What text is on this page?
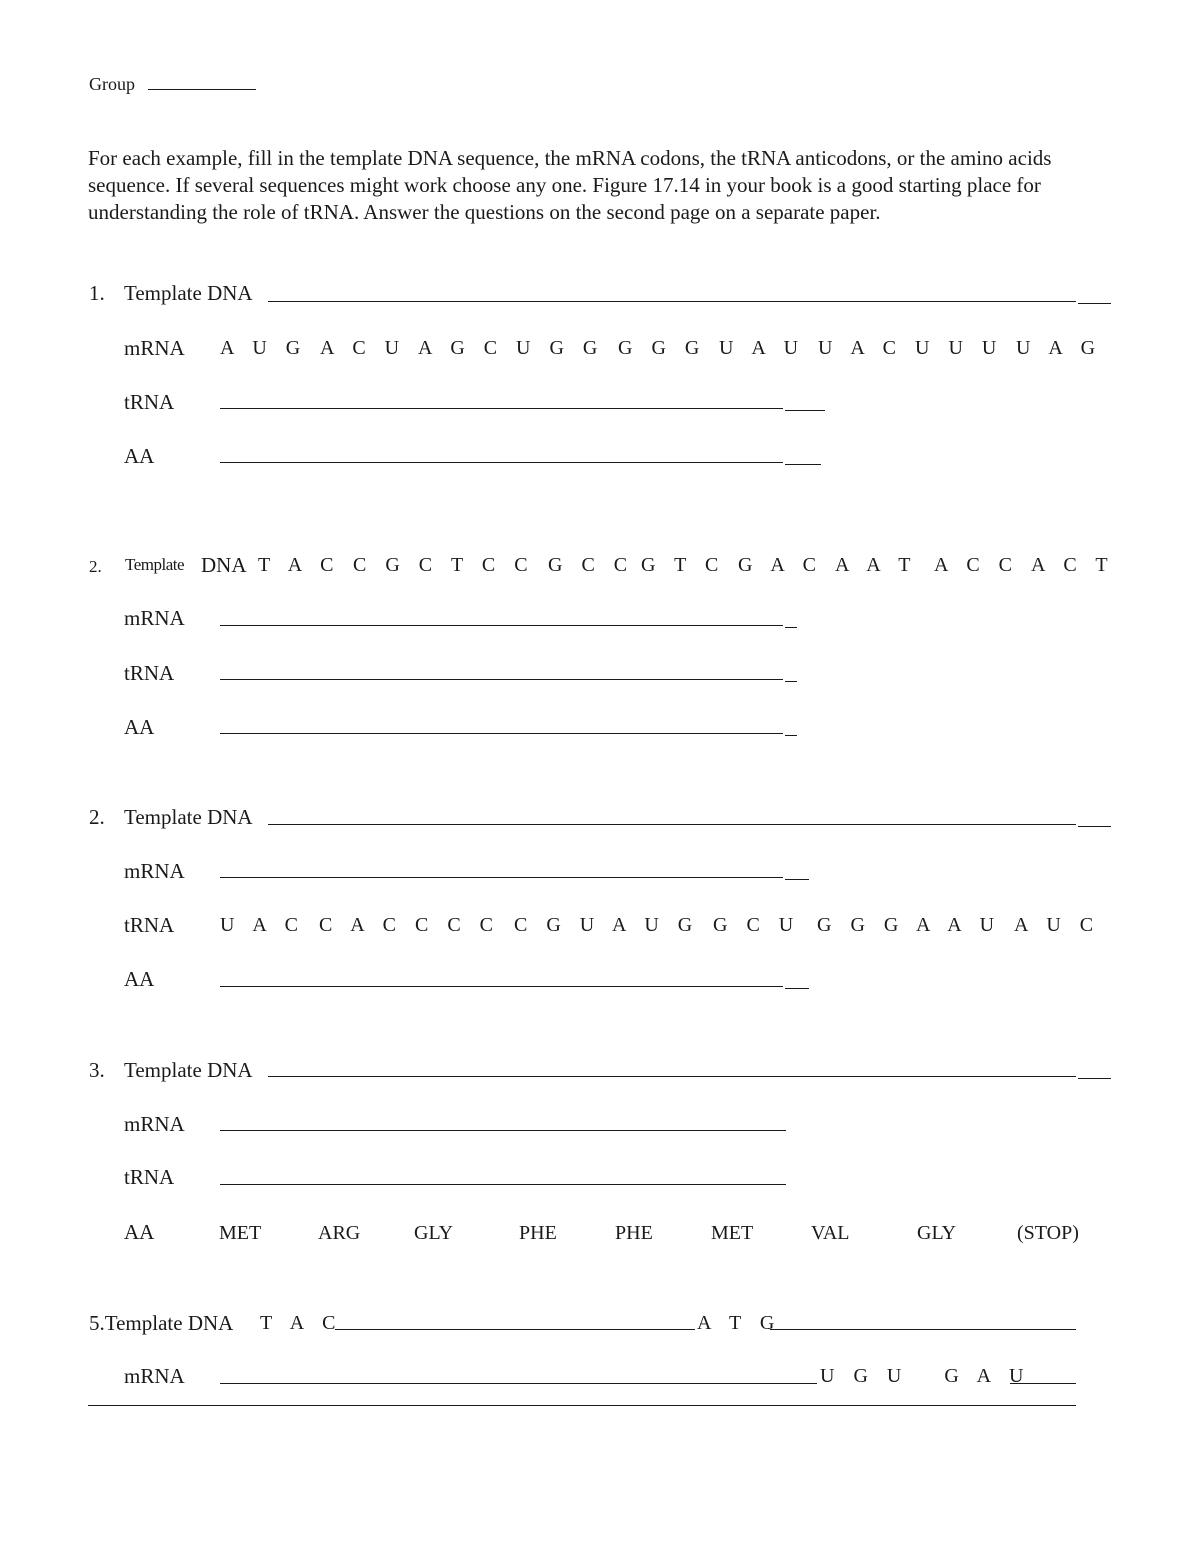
Group
For each example, fill in the template DNA sequence, the mRNA codons, the tRNA anticodons, or the amino acids sequence. If several sequences might work choose any one. Figure 17.14 in your book is a good starting place for understanding the role of tRNA. Answer the questions on the second page on a separate paper.
1. Template DNA
mRNA A U G A C U A G C U G G G G G U A U U A C U U U U A G
tRNA
AA
2. Template DNA T A C C G C T C C G C C G T C G A C A A T A C C A C T
mRNA
tRNA
AA
2. Template DNA
mRNA
tRNA U A C C A C C C C C G U A U G G C U G G G A A U A U C
AA
3. Template DNA
mRNA
tRNA
AA	MET	ARG	GLY	PHE	PHE	MET	VAL	GLY	(STOP)
5.Template DNA T A C	A T G
mRNA	U G U   G A U
